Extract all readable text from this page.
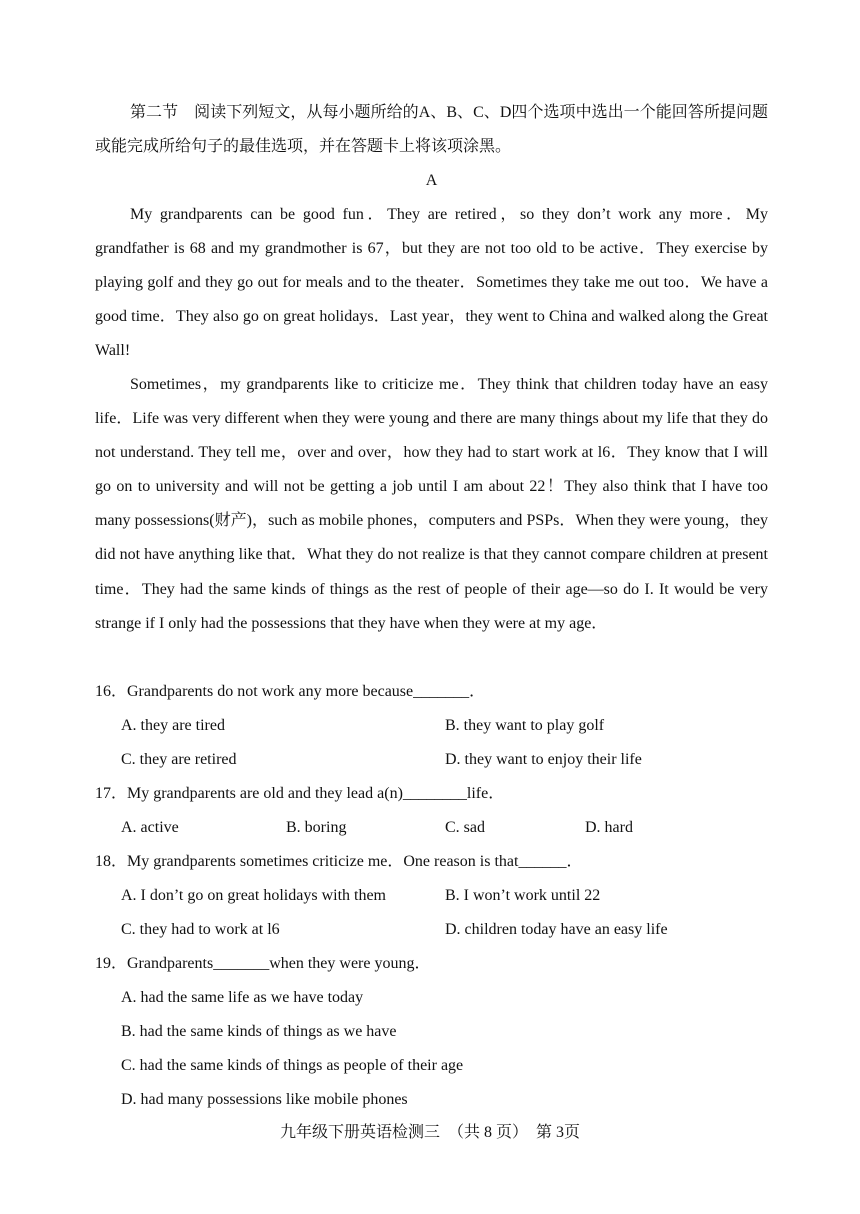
第二节　阅读下列短文，从每小题所给的A、B、C、D四个选项中选出一个能回答所提问题或能完成所给句子的最佳选项，并在答题卡上将该项涂黑。

A

My grandparents can be good fun．They are retired，so they don’t work any more．My grandfather is 68 and my grandmother is 67，but they are not too old to be active．They exercise by playing golf and they go out for meals and to the theater．Sometimes they take me out too．We have a good time．They also go on great holidays．Last year，they went to China and walked along the Great Wall!

Sometimes，my grandparents like to criticize me．They think that children today have an easy life．Life was very different when they were young and there are many things about my life that they do not understand. They tell me，over and over，how they had to start work at l6．They know that I will go on to university and will not be getting a job until I am about 22！They also think that I have too many possessions(财产)，such as mobile phones，computers and PSPs．When they were young，they did not have anything like that．What they do not realize is that they cannot compare children at present time．They had the same kinds of things as the rest of people of their age—so do I. It would be very strange if I only had the possessions that they have when they were at my age．

16．Grandparents do not work any more because_______．
A. they are tired	B. they want to play golf
C. they are retired	D. they want to enjoy their life
17．My grandparents are old and they lead a(n)________life．
A. active	B. boring	C. sad	D. hard
18．My grandparents sometimes criticize me．One reason is that______．
A. I don’t go on great holidays with them	B. I won’t work until 22
C. they had to work at l6	D. children today have an easy life
19．Grandparents_______when they were young．
A. had the same life as we have today
B. had the same kinds of things as we have
C. had the same kinds of things as people of their age
D. had many possessions like mobile phones
九年级下册英语检测三　（共 8 页）　第 3页
